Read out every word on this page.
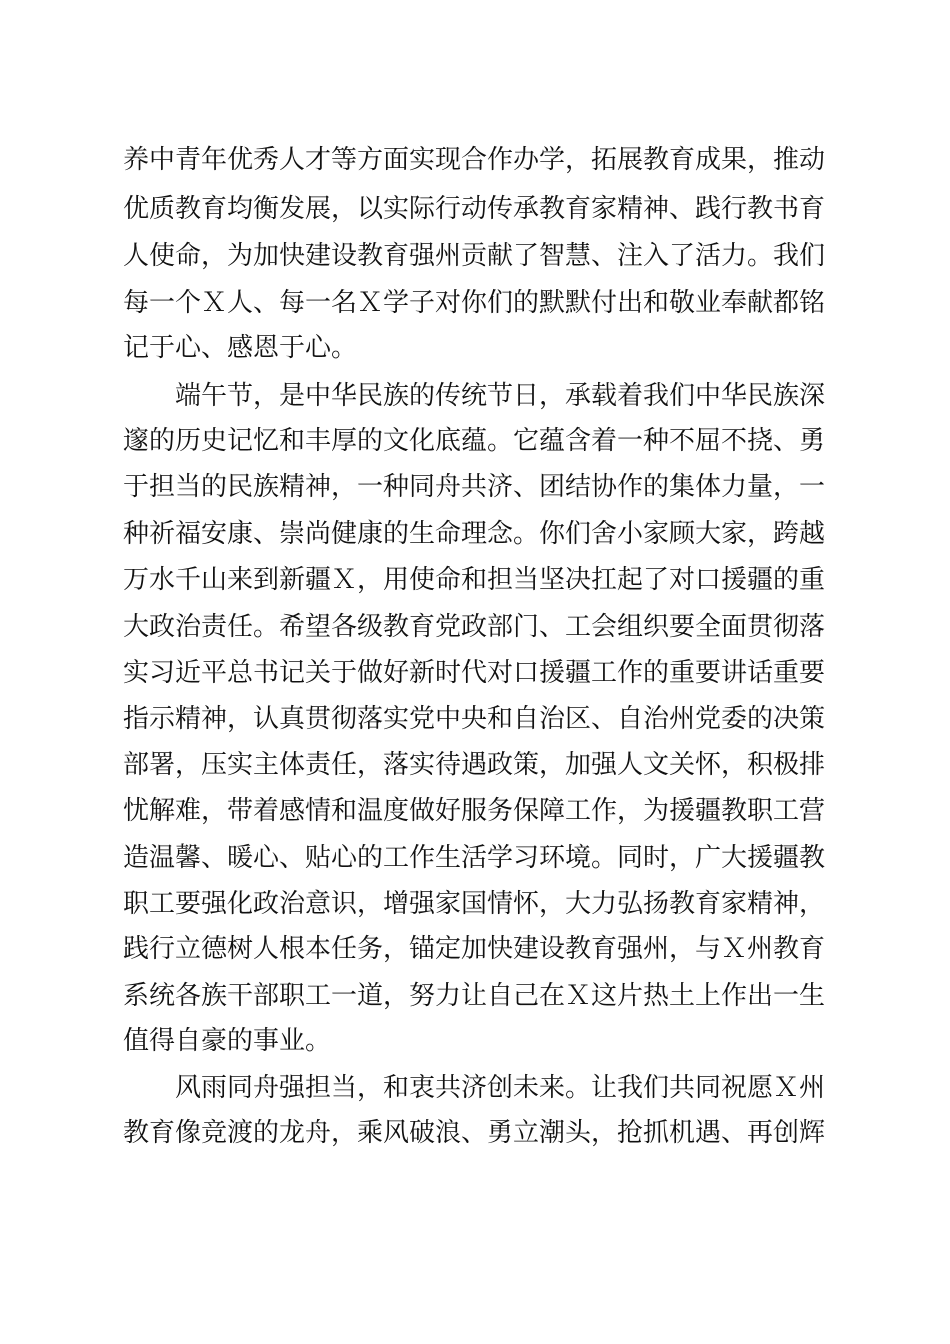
养中青年优秀人才等方面实现合作办学，拓展教育成果，推动
优质教育均衡发展，以实际行动传承教育家精神、践行教书育
人使命，为加快建设教育强州贡献了智慧、注入了活力。我们
每一个Ｘ人、每一名Ｘ学子对你们的默默付出和敬业奉献都铭
记于心、感恩于心。
　　端午节，是中华民族的传统节日，承载着我们中华民族深
邃的历史记忆和丰厚的文化底蕴。它蕴含着一种不屈不挠、勇
于担当的民族精神，一种同舟共济、团结协作的集体力量，一
种祈福安康、崇尚健康的生命理念。你们舍小家顾大家，跨越
万水千山来到新疆Ｘ，用使命和担当坚决扛起了对口援疆的重
大政治责任。希望各级教育党政部门、工会组织要全面贯彻落
实习近平总书记关于做好新时代对口援疆工作的重要讲话重要
指示精神，认真贯彻落实党中央和自治区、自治州党委的决策
部署，压实主体责任，落实待遇政策，加强人文关怀，积极排
忧解难，带着感情和温度做好服务保障工作，为援疆教职工营
造温馨、暖心、贴心的工作生活学习环境。同时，广大援疆教
职工要强化政治意识，增强家国情怀，大力弘扬教育家精神，
践行立德树人根本任务，锚定加快建设教育强州，与Ｘ州教育
系统各族干部职工一道，努力让自己在Ｘ这片热土上作出一生
值得自豪的事业。
　　风雨同舟强担当，和衷共济创未来。让我们共同祝愿Ｘ州
教育像竞渡的龙舟，乘风破浪、勇立潮头，抢抓机遇、再创辉
